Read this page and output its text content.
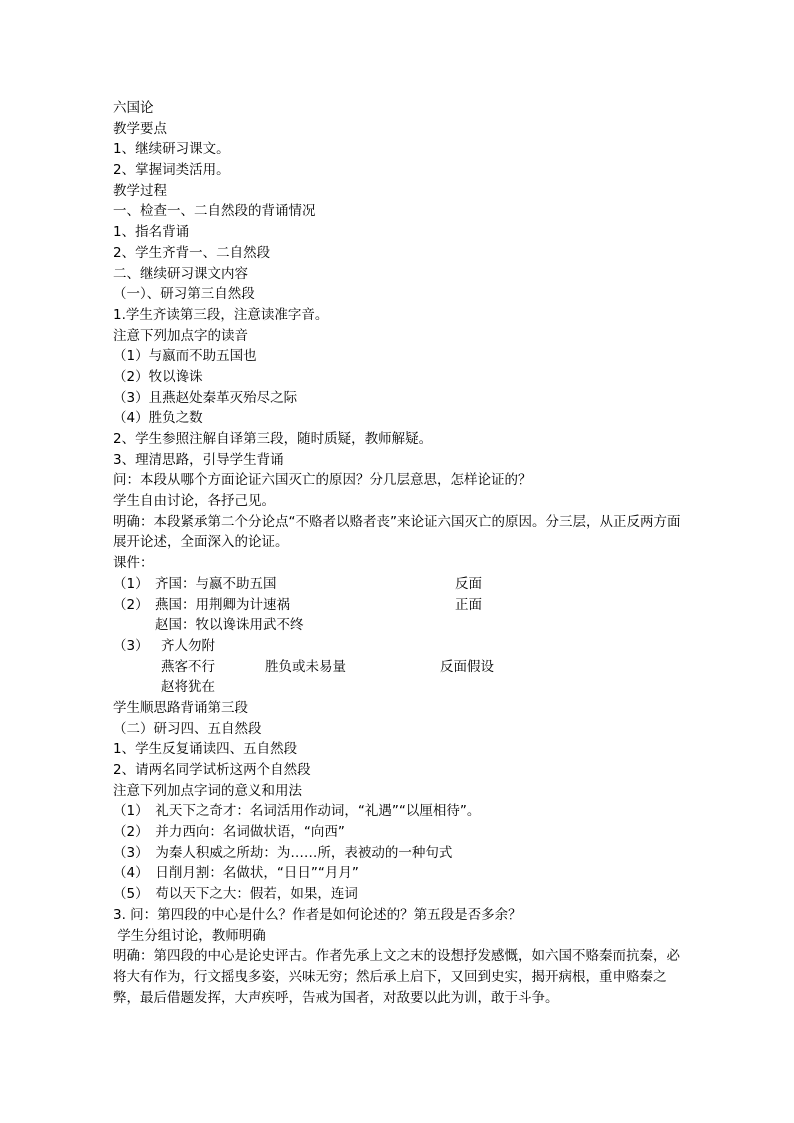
六国论
教学要点
1、继续研习课文。
2、掌握词类活用。
教学过程
一、检查一、二自然段的背诵情况
1、指名背诵
2、学生齐背一、二自然段
二、继续研习课文内容
（一）、研习第三自然段
1.学生齐读第三段，注意读准字音。
注意下列加点字的读音
（1）与嬴而不助五国也
（2）牧以谗诛
（3）且燕赵处秦革灭殆尽之际
（4）胜负之数
2、学生参照注解自译第三段，随时质疑，教师解疑。
3、理清思路，引导学生背诵
问：本段从哪个方面论证六国灭亡的原因？分几层意思，怎样论证的？
学生自由讨论，各抒己见。
明确：本段紧承第二个分论点“不赂者以赂者丧”来论证六国灭亡的原因。分三层，从正反两方面展开论述，全面深入的论证。
课件：
（1） 齐国：与嬴不助五国	反面
（2） 燕国：用荆卿为计速祸	正面
赵国：牧以谗诛用武不终
（3） 齐人勿附
燕客不行	胜负或未易量	反面假设
赵将犹在
学生顺思路背诵第三段
（二）研习四、五自然段
1、学生反复诵读四、五自然段
2、请两名同学试析这两个自然段
注意下列加点字词的意义和用法
（1）　礼天下之奇才：名词活用作动词，“礼遇”“以厘相待”。
（2）　并力西向：名词做状语，“向西”
（3）　为秦人积威之所劫：为……所，表被动的一种句式
（4）　日削月割：名做状，“日日”“月月”
（5）　苟以天下之大：假若，如果，连词
3. 问：第四段的中心是什么？作者是如何论述的？第五段是否多余？
学生分组讨论，教师明确
明确：第四段的中心是论史评古。作者先承上文之末的设想抒发感慨，如六国不赂秦而抗秦，必将大有作为，行文摇曳多姿，兴味无穷；然后承上启下，又回到史实，揭开病根，重申赂秦之弊，最后借题发挥，大声疾呼，告戒为国者，对敌要以此为训，敢于斗争。
